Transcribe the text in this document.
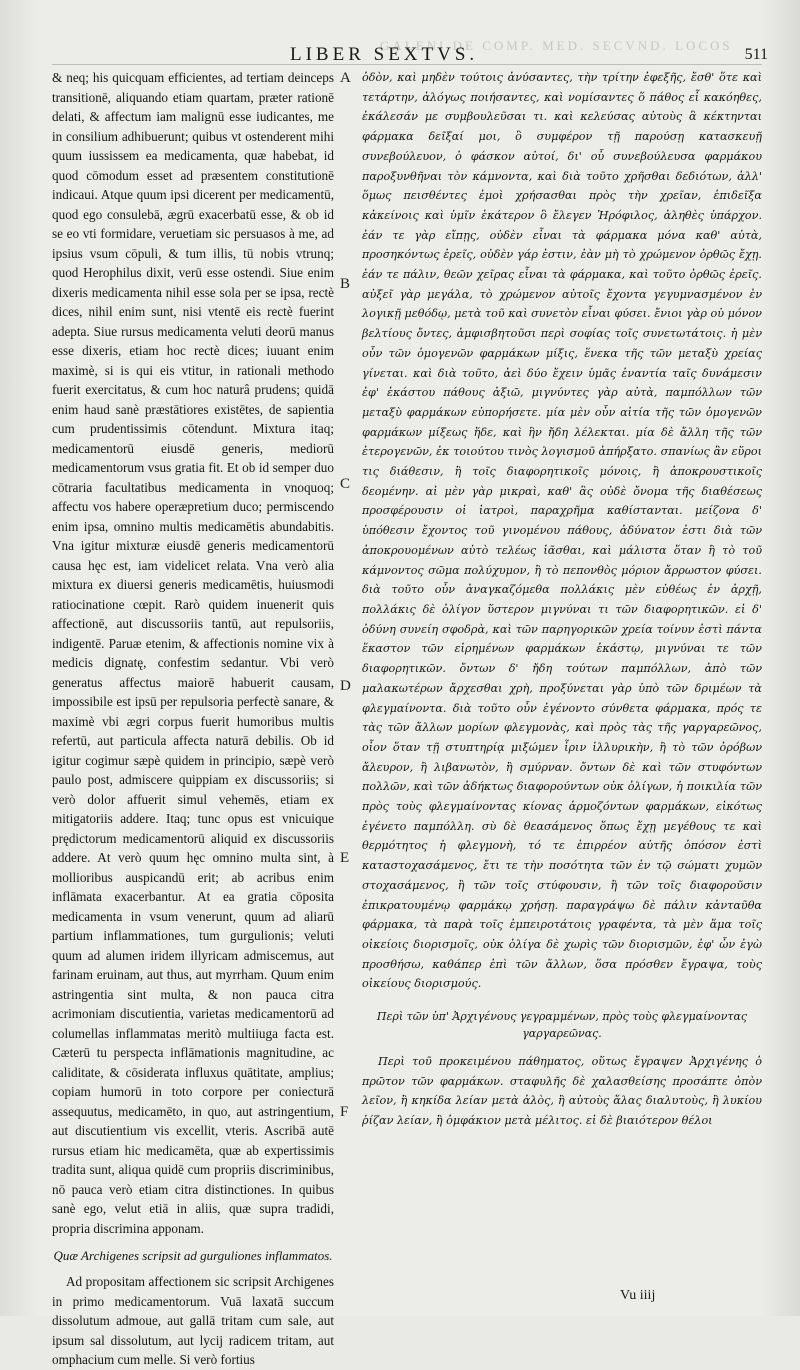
GALENI DE COMP. MED. SECVND. LOCOS
LIBER SEXTVS.	511

& neq; his quicquam efficientes, ad tertiam deinceps transitionē, aliquando etiam quartam, præter rationē delati, & affectum iam malignū esse iudicantes, me in consilium adhibuerunt; quibus vt ostenderent mihi quum iussissem ea medicamenta, quæ habebat, id quod cōmodum esset ad præsentem constitutionē indicaui. Atque quum ipsi dicerent per medicamentū, quod ego consulebā, ægrū exacerbatū esse, & ob id se eo vti formidare, veruetiam sic persuasos à me, ad ipsius vsum cōpuli, & tum illis, tū nobis vtrunq; quod Herophilus dixit, verū esse ostendi. Siue enim dixeris medicamenta nihil esse sola per se ipsa, rectè dices, nihil enim sunt, nisi vtentē eis rectè fuerint adepta. Siue rursus medicamenta veluti deorū manus esse dixeris, etiam hoc rectè dices; iuuant enim maximè, si is qui eis vtitur, in rationali methodo fuerit exercitatus, & cum hoc naturâ prudens; quidā enim haud sanè præstātiores existētes, de sapientia cum prudentissimis cōtendunt. Mixtura itaq; medicamentorū eiusdē generis, mediorū medicamentorum vsus gratia fit. Et ob id semper duo cōtraria facultatibus medicamenta in vnoquoq; affectu vos habere operæpretium duco; permiscendo enim ipsa, omnino multis medicamētis abundabitis. Vna igitur mixturæ eiusdē generis medicamentorū causa hęc est, iam videlicet relata. Vna verò alia mixtura ex diuersi generis medicamētis, huiusmodi ratiocinatione cœpit. Rarò quidem inuenerit quis affectionē, aut discussoriis tantū, aut repulsoriis, indigentē. Paruæ etenim, & affectionis nomine vix à medicis dignatę, confestim sedantur. Vbi verò generatus affectus maiorē habuerit causam, impossibile est ipsū per repulsoria perfectè sanare, & maximè vbi ægri corpus fuerit humoribus multis refertū, aut particula affecta naturā debilis. Ob id igitur cogimur sæpè quidem in principio, sæpè verò paulo post, admiscere quippiam ex discussoriis; si verò dolor affuerit simul vehemēs, etiam ex mitigatoriis addere. Itaq; tunc opus est vnicuique prędictorum medicamentorū aliquid ex discussoriis addere. At verò quum hęc omnino multa sint, à mollioribus auspicandū erit; ab acribus enim inflāmata exacerbantur. At ea gratia cōposita medicamenta in vsum venerunt, quum ad aliarū partium inflammationes, tum gurgulionis; veluti quum ad alumen iridem illyricam admiscemus, aut farinam eruinam, aut thus, aut myrrham. Quum enim astringentia sint multa, & non pauca citra acrimoniam discutientia, varietas medicamentorū ad columellas inflammatas meritò multiiuga facta est. Cæterū tu perspecta inflāmationis magnitudine, ac caliditate, & cōsiderata influxus quātitate, amplius; copiam humorū in toto corpore per coniecturā assequutus, medicamēto, in quo, aut astringentium, aut discutientium vis excellit, vteris. Ascribā autē rursus etiam hic medicamēta, quæ ab expertissimis tradita sunt, aliqua quidē cum propriis discriminibus, nō pauca verò etiam citra distinctiones. In quibus sanè ego, velut etiā in aliis, quæ supra tradidi, propria discrimina apponam.

Quæ Archigenes scripsit ad gurguliones inflammatos.

Ad propositam affectionem sic scripsit Archigenes in primo medicamentorum. Vuā laxatā succum dissolutum admoue, aut gallā tritam cum sale, aut ipsum sal dissolutum, aut lycij radicem tritam, aut omphacium cum melle. Si verò fortius

A
B
C
D
E
F

ὁδὸν, καὶ μηδὲν τούτοις ἀνύσαντες, τὴν τρίτην ἐφεξῆς, ἔσθ' ὅτε καὶ τετάρτην, ἀλόγως ποιήσαντες, καὶ νομίσαντες ὅ πάθος εἶ κακόηθες, ἐκάλεσάν με συμβουλεῦσαι τι. καὶ κελεύσας αὐτοὺς ἃ κέκτηνται φάρμακα δεῖξαί μοι, ὃ συμφέρον τῇ παρούσῃ κατασκευῇ συνεβούλευον, ὁ φάσκον αὐτοί, δι' οὗ συνεβούλευσα φαρμάκου παροξυνθῆναι τὸν κάμνοντα, καὶ διὰ τοῦτο χρῆσθαι δεδιότων, ἀλλ' ὅμως πεισθέντες ἐμοὶ χρήσασθαι πρὸς τὴν χρεῖαν, ἐπιδεῖξα κἀκείνοις καὶ ὑμῖν ἑκάτερον ὃ ἔλεγεν Ἡρόφιλος, ἀληθὲς ὑπάρχον. ἐάν τε γὰρ εἴπῃς, οὐδὲν εἶναι τὰ φάρμακα μόνα καθ' αὐτὰ, προσηκόντως ἐρεῖς, οὐδὲν γάρ ἐστιν, ἐὰν μὴ τὸ χρώμενον ὀρθῶς ἔχῃ. ἐάν τε πάλιν, θεῶν χεῖρας εἶναι τὰ φάρμακα, καὶ τοῦτο ὀρθῶς ἐρεῖς. αὐξεῖ γὰρ μεγάλα, τὸ χρώμενον αὐτοῖς ἔχοντα γεγυμνασμένον ἐν λογικῇ μεθόδῳ, μετὰ τοῦ καὶ συνετὸν εἶναι φύσει. ἔνιοι γὰρ οὐ μόνον βελτίους ὄντες, ἀμφισβητοῦσι περὶ σοφίας τοῖς συνετωτάτοις. ἡ μὲν οὖν τῶν ὁμογενῶν φαρμάκων μίξις, ἕνεκα τῆς τῶν μεταξὺ χρείας γίνεται. καὶ διὰ τοῦτο, ἀεὶ δύο ἔχειν ὑμᾶς ἐναντία ταῖς δυνάμεσιν ἐφ' ἑκάστου πάθους ἀξιῶ, μιγνύντες γὰρ αὐτὰ, παμπόλλων τῶν μεταξὺ φαρμάκων εὐπορήσετε. μία μὲν οὖν αἰτία τῆς τῶν ὁμογενῶν φαρμάκων μίξεως ἥδε, καὶ ἣν ἤδη λέλεκται. μία δὲ ἄλλη τῆς τῶν ἑτερογενῶν, ἐκ τοιούτου τινὸς λογισμοῦ ἀπήρξατο. σπανίως ἂν εὕροι τις διάθεσιν, ἢ τοῖς διαφορητικοῖς μόνοις, ἢ ἀποκρουστικοῖς δεομένην. αἱ μὲν γὰρ μικραὶ, καθ' ἃς οὐδὲ ὄνομα τῆς διαθέσεως προσφέρουσιν οἱ ἰατροὶ, παραχρῆμα καθίστανται. μείζονα δ' ὑπόθεσιν ἔχοντος τοῦ γινομένου πάθους, ἀδύνατον ἐστι διὰ τῶν ἀποκρουομένων αὐτὸ τελέως ἰᾶσθαι, καὶ μάλιστα ὅταν ἢ τὸ τοῦ κάμνοντος σῶμα πολύχυμον, ἢ τὸ πεπονθὸς μόριον ἄρρωστον φύσει. διὰ τοῦτο οὖν ἀναγκαζόμεθα πολλάκις μὲν εὐθέως ἐν ἀρχῇ, πολλάκις δὲ ὀλίγον ὕστερον μιγνύναι τι τῶν διαφορητικῶν. εἰ δ' ὀδύνη συνείη σφοδρὰ, καὶ τῶν παρηγορικῶν χρεία τοίνυν ἐστὶ πάντα ἕκαστον τῶν εἰρημένων φαρμάκων ἑκάστῳ, μιγνύναι τε τῶν διαφορητικῶν. ὄντων δ' ἤδη τούτων παμπόλλων, ἀπὸ τῶν μαλακωτέρων ἄρχεσθαι χρὴ, προξύνεται γὰρ ὑπὸ τῶν δριμέων τὰ φλεγμαίνοντα. διὰ τοῦτο οὖν ἐγένοντο σύνθετα φάρμακα, πρός τε τὰς τῶν ἄλλων μορίων φλεγμονὰς, καὶ πρὸς τὰς τῆς γαργαρεῶνος, οἷον ὅταν τῇ στυπτηρίᾳ μιξώμεν ἶριν ἰλλυρικὴν, ἢ τὸ τῶν ὀρόβων ἄλευρον, ἢ λιβανωτὸν, ἢ σμύρναν. ὄντων δὲ καὶ τῶν στυφόντων πολλῶν, καὶ τῶν ἀδήκτως διαφορούντων οὐκ ὀλίγων, ἡ ποικιλία τῶν πρὸς τοὺς φλεγμαίνοντας κίονας ἁρμοζόντων φαρμάκων, εἰκότως ἐγένετο παμπόλλη. σὺ δὲ θεασάμενος ὅπως ἔχῃ μεγέθους τε καὶ θερμότητος ἡ φλεγμονὴ, τό τε ἐπιρρέον αὐτῆς ὁπόσον ἐστὶ καταστοχασάμενος, ἔτι τε τὴν ποσότητα τῶν ἐν τῷ σώματι χυμῶν στοχασάμενος, ἢ τῶν τοῖς στύφουσιν, ἢ τῶν τοῖς διαφοροῦσιν ἐπικρατουμένῳ φαρμάκῳ χρήσῃ. παραγράψω δὲ πάλιν κἀνταῦθα φάρμακα, τὰ παρὰ τοῖς ἐμπειροτάτοις γραφέντα, τὰ μὲν ἅμα τοῖς οἰκείοις διορισμοῖς, οὐκ ὀλίγα δὲ χωρὶς τῶν διορισμῶν, ἐφ' ὧν ἐγὼ προσθήσω, καθάπερ ἐπὶ τῶν ἄλλων, ὅσα πρόσθεν ἔγραψα, τοὺς οἰκείους διορισμούς.

Περὶ τῶν ὑπ' Ἀρχιγένους γεγραμμένων, πρὸς τοὺς φλεγμαίνοντας γαργαρεῶνας.

Περὶ τοῦ προκειμένου πάθηματος, οὕτως ἔγραψεν Ἀρχιγένης ὁ πρῶτον τῶν φαρμάκων. σταφυλῆς δὲ χαλασθείσης προσάπτε ὀπὸν λεῖον, ἢ κηκίδα λείαν μετὰ ἁλὸς, ἢ αὐτοὺς ἅλας διαλυτοὺς, ἢ λυκίου ῥίζαν λείαν, ἢ ὀμφάκιον μετὰ μέλιτος. εἰ δὲ βιαιότερον θέλοι

Vu iiij
